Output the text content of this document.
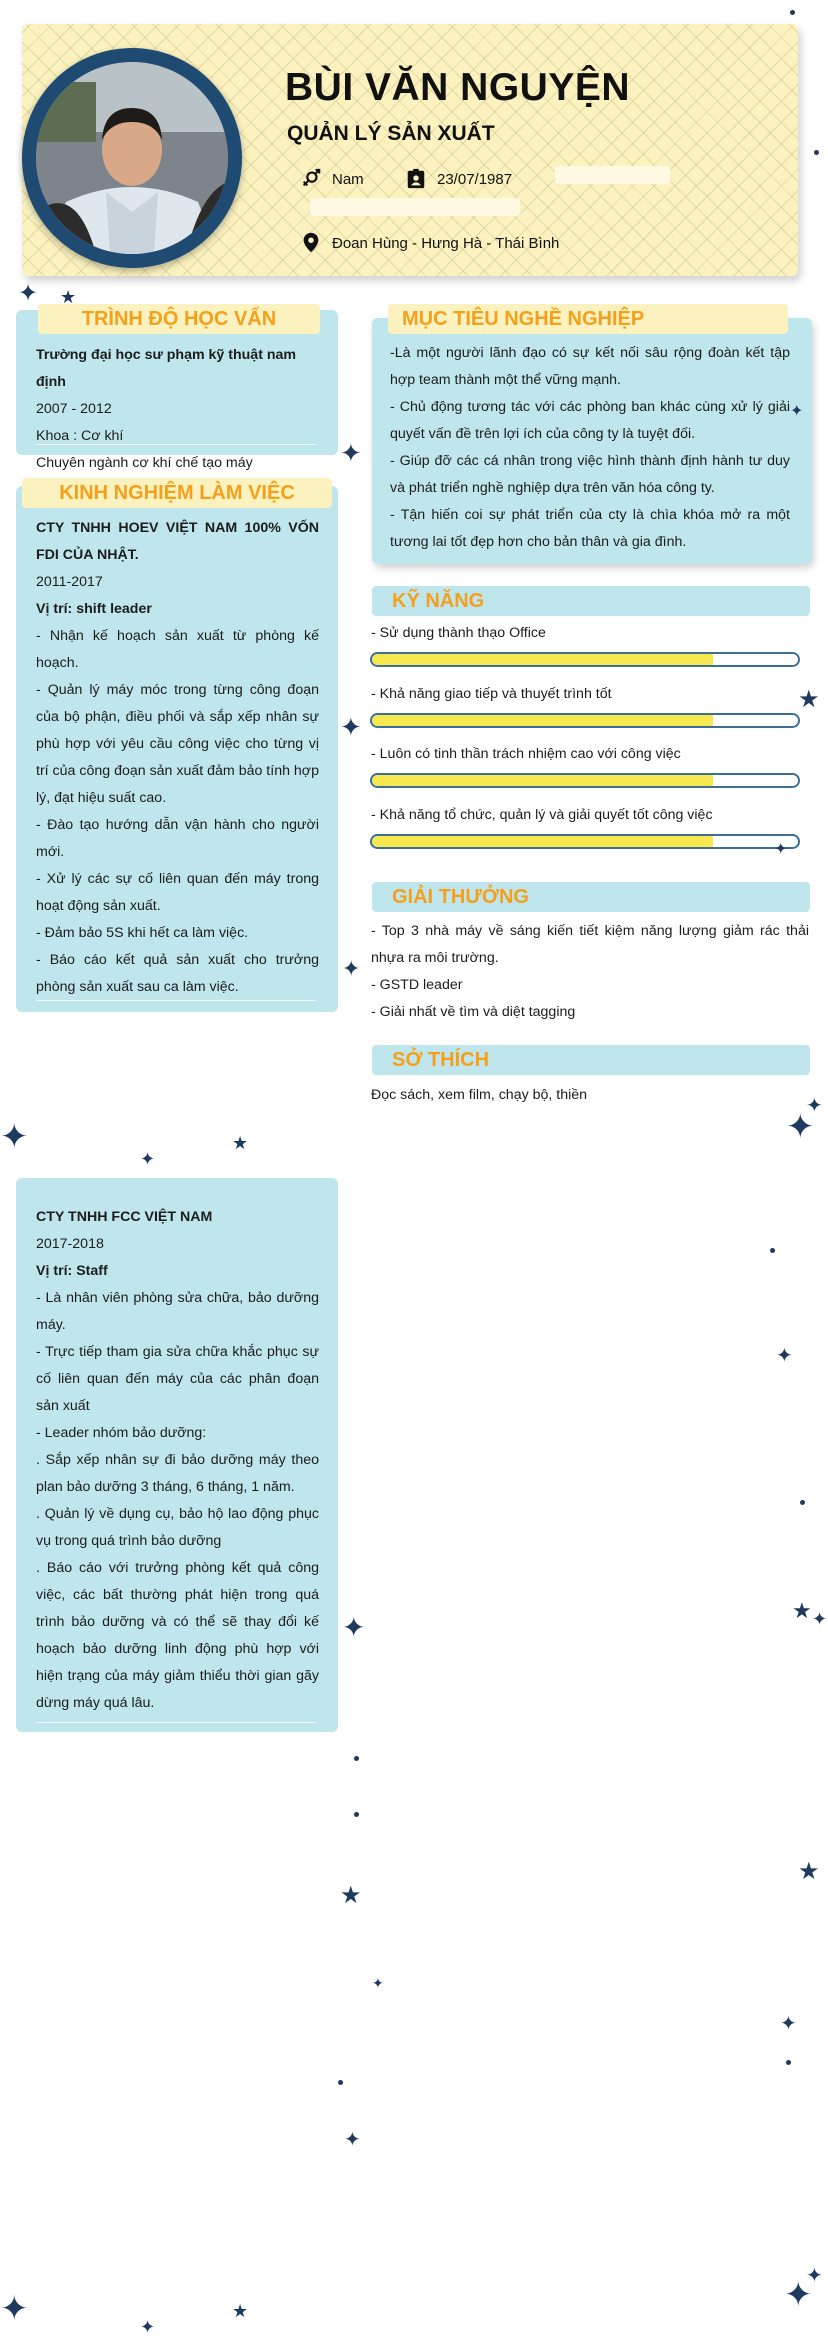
BÙI VĂN NGUYỆN
QUẢN LÝ SẢN XUẤT
Nam	23/07/1987
Đoan Hùng - Hưng Hà - Thái Bình
TRÌNH ĐỘ HỌC VẤN

Trường đại học sư phạm kỹ thuật nam định

2007 - 2012

Khoa : Cơ khí

Chuyên ngành cơ khí chế tạo máy

KINH NGHIỆM LÀM VIỆC

CTY TNHH HOEV VIỆT NAM 100% VỐN FDI CỦA NHẬT.

2011-2017

Vị trí: shift leader

- Nhận kế hoạch sản xuất từ phòng kế hoạch.

- Quản lý máy móc trong từng công đoạn của bộ phận, điều phối và sắp xếp nhân sự phù hợp với yêu cầu công việc cho từng vị trí của công đoạn sản xuất đảm bảo tính hợp lý, đạt hiệu suất cao.

- Đào tạo hướng dẫn vận hành cho người mới.

- Xử lý các sự cố liên quan đến máy trong hoạt động sản xuất.

- Đảm bảo 5S khi hết ca làm việc.

- Báo cáo kết quả sản xuất cho trưởng phòng sản xuất sau ca làm việc.

CTY TNHH FCC VIỆT NAM

2017-2018

Vị trí: Staff

- Là nhân viên phòng sửa chữa, bảo dưỡng máy.

- Trực tiếp tham gia sửa chữa khắc phục sự cố liên quan đến máy của các phân đoạn sản xuất

- Leader nhóm bảo dưỡng:

. Sắp xếp nhân sự đi bảo dưỡng máy theo plan bảo dưỡng 3 tháng, 6 tháng, 1 năm.

. Quản lý về dụng cụ, bảo hộ lao động phục vụ trong quá trình bảo dưỡng

. Báo cáo với trưởng phòng kết quả công việc, các bất thường phát hiện trong quá trình bảo dưỡng và có thể sẽ thay đổi kế hoạch bảo dưỡng linh động phù hợp với hiện trạng của máy giảm thiểu thời gian gãy dừng máy quá lâu.

MỤC TIÊU NGHỀ NGHIỆP

-Là một người lãnh đạo có sự kết nối sâu rộng đoàn kết tập hợp team thành một thể vững mạnh.

- Chủ động tương tác với các phòng ban khác cùng xử lý giải quyết vấn đề trên lợi ích của công ty là tuyệt đối.

- Giúp đỡ các cá nhân trong việc hình thành định hành tư duy và phát triển nghề nghiệp dựa trên văn hóa công ty.

- Tận hiến coi sự phát triển của cty là chìa khóa mở ra một tương lai tốt đẹp hơn cho bản thân và gia đình.

KỸ NĂNG
- Sử dụng thành thạo Office
- Khả năng giao tiếp và thuyết trình tốt
- Luôn có tinh thần trách nhiệm cao với công việc
- Khả năng tổ chức, quản lý và giải quyết tốt công việc
GIẢI THƯỞNG

- Top 3 nhà máy về sáng kiến tiết kiệm năng lượng giảm rác thải nhựa ra môi trường.

- GSTD leader

- Giải nhất về tìm và diệt tagging

SỞ THÍCH
Đọc sách, xem film, chạy bộ, thiền
✦ ★
✦
✦
✦
★
✦
✦
✦
✦
★	✦
✦
✦
★ ✦
✦
★
★
✦
✦
✦
✦	✦
★	✦
✦
